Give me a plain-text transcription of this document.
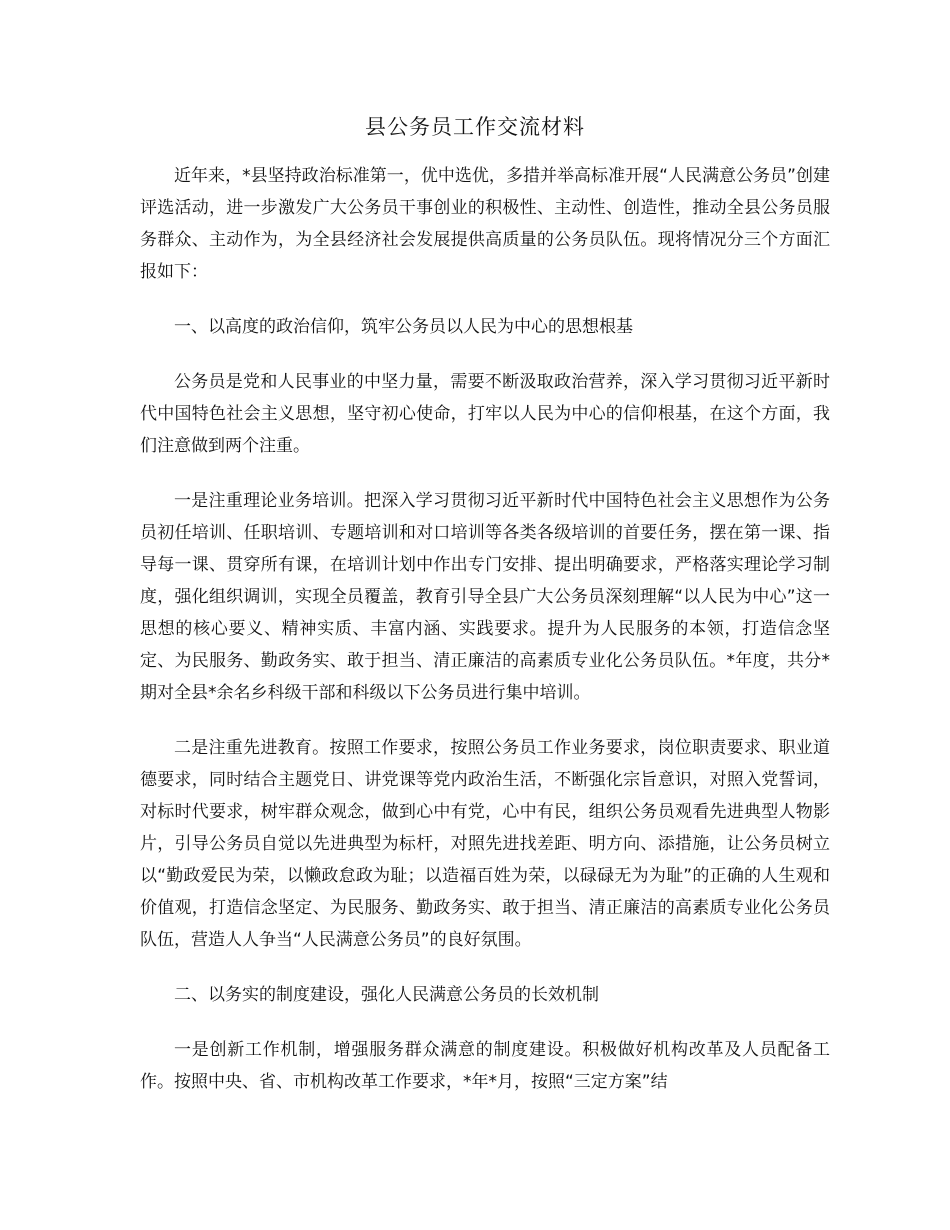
县公务员工作交流材料

近年来，*县坚持政治标准第一，优中选优，多措并举高标准开展“人民满意公务员”创建评选活动，进一步激发广大公务员干事创业的积极性、主动性、创造性，推动全县公务员服务群众、主动作为，为全县经济社会发展提供高质量的公务员队伍。现将情况分三个方面汇报如下：

一、以高度的政治信仰，筑牢公务员以人民为中心的思想根基

公务员是党和人民事业的中坚力量，需要不断汲取政治营养，深入学习贯彻习近平新时代中国特色社会主义思想，坚守初心使命，打牢以人民为中心的信仰根基，在这个方面，我们注意做到两个注重。

一是注重理论业务培训。把深入学习贯彻习近平新时代中国特色社会主义思想作为公务员初任培训、任职培训、专题培训和对口培训等各类各级培训的首要任务，摆在第一课、指导每一课、贯穿所有课，在培训计划中作出专门安排、提出明确要求，严格落实理论学习制度，强化组织调训，实现全员覆盖，教育引导全县广大公务员深刻理解“以人民为中心”这一思想的核心要义、精神实质、丰富内涵、实践要求。提升为人民服务的本领，打造信念坚定、为民服务、勤政务实、敢于担当、清正廉洁的高素质专业化公务员队伍。*年度，共分*期对全县*余名乡科级干部和科级以下公务员进行集中培训。

二是注重先进教育。按照工作要求，按照公务员工作业务要求，岗位职责要求、职业道德要求，同时结合主题党日、讲党课等党内政治生活，不断强化宗旨意识，对照入党誓词，对标时代要求，树牢群众观念，做到心中有党，心中有民，组织公务员观看先进典型人物影片，引导公务员自觉以先进典型为标杆，对照先进找差距、明方向、添措施，让公务员树立以“勤政爱民为荣，以懒政怠政为耻；以造福百姓为荣，以碌碌无为为耻”的正确的人生观和价值观，打造信念坚定、为民服务、勤政务实、敢于担当、清正廉洁的高素质专业化公务员队伍，营造人人争当“人民满意公务员”的良好氛围。

二、以务实的制度建设，强化人民满意公务员的长效机制

一是创新工作机制，增强服务群众满意的制度建设。积极做好机构改革及人员配备工作。按照中央、省、市机构改革工作要求，*年*月，按照“三定方案”结
